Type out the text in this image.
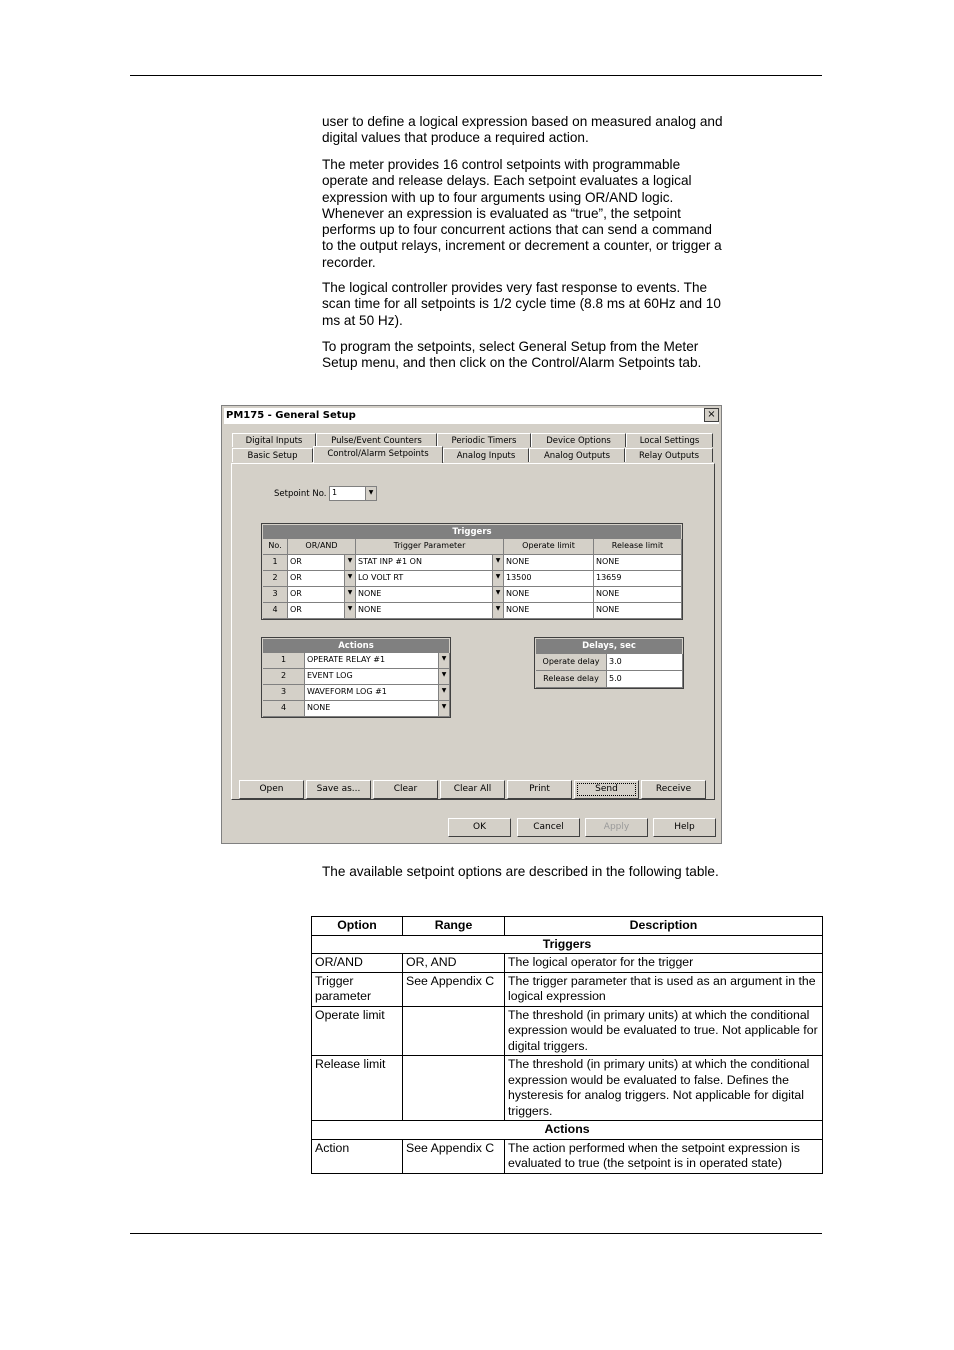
user to define a logical expression based on measured analog and digital values that produce a required action.

The meter provides 16 control setpoints with programmable operate and release delays. Each setpoint evaluates a logical expression with up to four arguments using OR/AND logic. Whenever an expression is evaluated as “true”, the setpoint performs up to four concurrent actions that can send a command to the output relays, increment or decrement a counter, or trigger a recorder.

The logical controller provides very fast response to events. The scan time for all setpoints is 1/2 cycle time (8.8 ms at 60Hz and 10 ms at 50 Hz).

To program the setpoints, select General Setup from the Meter Setup menu, and then click on the Control/Alarm Setpoints tab.

PM175 - General Setup	×
Digital Inputs	Pulse/Event Counters	Periodic Timers	Device Options	Local Settings
Basic Setup	Control/Alarm Setpoints	Analog Inputs	Analog Outputs	Relay Outputs
Setpoint No. 1	▼
Triggers
No.	OR/AND	Trigger Parameter	Operate limit	Release limit
1	OR	▼ STAT INP #1 ON	▼ NONE	NONE
2	OR	▼ LO VOLT RT	▼ 13500	13659
3	OR	▼ NONE	▼ NONE	NONE
4	OR	▼ NONE	▼ NONE	NONE
Actions
1	OPERATE RELAY #1	▼
2	EVENT LOG	▼
3	WAVEFORM LOG #1	▼
4	NONE	▼
Delays, sec
Operate delay	3.0
Release delay	5.0
Open	Save as...	Clear	Clear All	Print	Send	Receive
OK	Cancel	Apply	Help

The available setpoint options are described in the following table.

Option	Range	Description
Triggers		
OR/AND	OR, AND	The logical operator for the trigger
Trigger parameter	See Appendix C	The trigger parameter that is used as an argument in the logical expression
Operate limit		The threshold (in primary units) at which the conditional expression would be evaluated to true. Not applicable for digital triggers.
Release limit		The threshold (in primary units) at which the conditional expression would be evaluated to false. Defines the hysteresis for analog triggers. Not applicable for digital triggers.
Actions		
Action	See Appendix C	The action performed when the setpoint expression is evaluated to true (the setpoint is in operated state)
